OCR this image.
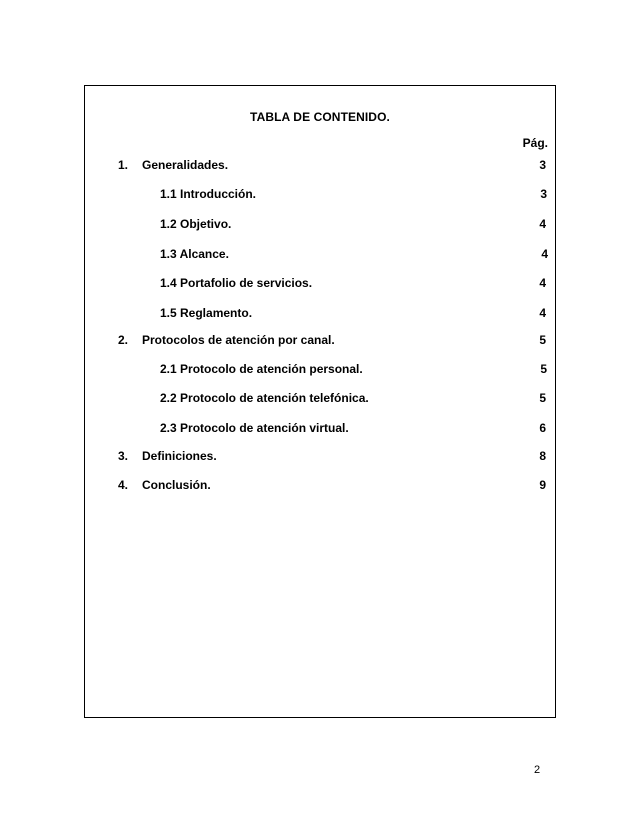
TABLA DE CONTENIDO.
Pág.
1. Generalidades.	3
1.1 Introducción.	3
1.2 Objetivo.	4
1.3 Alcance.	4
1.4 Portafolio de servicios.	4
1.5 Reglamento.	4
2. Protocolos de atención por canal.	5
2.1 Protocolo de atención personal.	5
2.2 Protocolo de atención telefónica.	5
2.3 Protocolo de atención virtual.	6
3. Definiciones.	8
4. Conclusión.	9
2
